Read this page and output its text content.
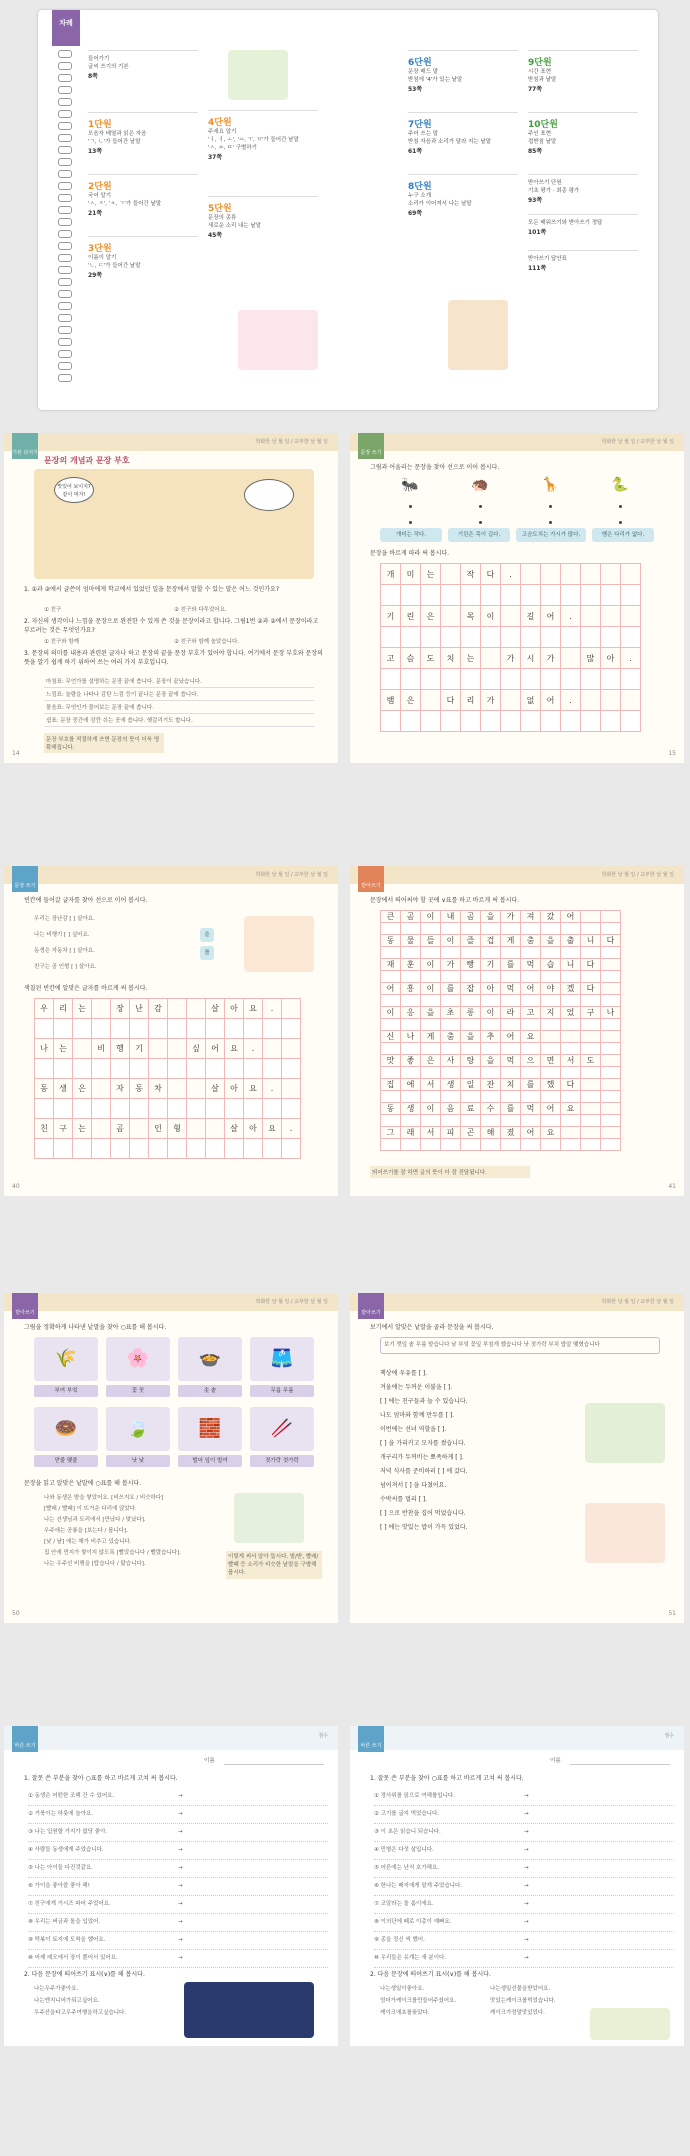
차례
들어가기
글씨 쓰기의 기본
8쪽
1단원
모음자 배열과 읽은 자음
'ㄱ, ㄴ'가 들어간 낱말
13쪽
2단원
국어 알기
'ㅅ, ㅈ', 'ㅊ, ㄱ'가 들어간 낱말
21쪽
3단원
이름이 알기
'ㄴ, ㄷ'가 들어간 낱말
29쪽
4단원
주세요 알기
'ㅓ, ㅕ, ㅗ', 'ㅛ, ㅜ, ㅠ'가 들어간 낱말
'ㅅ, ㅆ, ㄸ' 구별하기
37쪽
5단원
문장의 종류
새로운 소리 내는 낱말
45쪽
6단원
문장 배드 말
받침에 '4'가 있는 낱말
53쪽
7단원
주어 쓰는 말
받침 자음과 소리가 달라 지는 낱말
61쪽
8단원
누구 소개
소리가 이어져서 나는 낱말
69쪽
9단원
시간 표현
받침과 낱말
77쪽
10단원
주인 표현
겹받침 낱말
85쪽
받아쓰기 단원
기초 평가 · 최종 평가
93쪽
모든 배워쓰기와 받아쓰기 정답
101쪽
받아쓰기 답안표
111쪽
기본 다지기
학화한 날 월 일 / 교부한 날 월 일
문장의 개념과 문장 부호
맛있어 보이지? 같이 먹자!
1. ①과 ②에서 글쓴이 엄마에게 학교에서 있었던 일을 문장에서 말할 수 있는 말은 어느 것인가요?
① 친구	② 친구와 다투었어요.
2. 자신의 생각이나 느낌을 문장으로 완전한 수 있게 쓴 것을 문장이라고 합니다. 그림1번 ②과 ②에서 문장이라고 부르려는 것은 무엇인가요?
① 친구와 함께	② 친구와 함께 놀았습니다.
3. 문장의 의미를 내용과 관련된 글자나 하고 문장의 끝을 문장 부호가 있어야 합니다. 여기에서 문장 부호와 문장의 뜻을 알기 쉽게 하기 위하여 쓰는 여러 가지 부호입니다.
마침표: 무언가를 설명하는 문장 끝에 씁니다. 문장이 끝났습니다.
느낌표: 놀람을 나타나 감탄 느낌 등이 끝나는 문장 끝에 씁니다.
물음표: 무엇인가 물어보는 문장 끝에 씁니다.
쉼표: 문장 중간에 잠깐 쉬는 곳에 씁니다. 헷갈리기도 합니다.
문장 부호를 적절하게 쓰면 문장의 뜻이 더욱 명확해집니다.
14
문장 쓰기
학화한 날 월 일 / 교부한 날 월 일
그림과 어울리는 문장을 찾아 선으로 이어 봅시다.
🐜	🦔	🦒	🐍
개미는 작다.	기린은 목이 길다.	고슴도치는 가시가 많다.	뱀은 다리가 없다.
문장을 바르게 따라 써 봅시다.
개	미	는	작	다	.
기	린	은	목	이	길	어	.
고	슴	도	치	는	가	시	가	많	아	.
뱀	은	다	리	가	없	어	.
15
문장 쓰기
학화한 날 월 일 / 교부한 날 월 일
빈칸에 들어갈 글자를 찾아 선으로 이어 봅시다.
우리는 장난감 [ ] 살아요.
나는 비행기 [ ] 싶어요.
동생은 자동차 [ ] 살아요.
친구는 곰 인형 [ ] 살아요.
을
를
색칠된 빈칸에 알맞은 글자를 바르게 써 봅시다.
우	리	는	장	난	감	살	아	요	.
나	는	비	행	기	싶	어	요	.
동	생	은	자	동	차	살	아	요	.
친	구	는	곰	인	형	살	아	요	.
40
받아쓰기
학화한 날 월 일 / 교부한 날 월 일
문장에서 띄어써야 할 곳에 ∨표를 하고 바르게 써 봅시다.
큰	곰	이	내	곰	을	가	져	갔	어
동	물	들	이	즐	겁	게	춤	을	춥	니	다
재	훈	이	가	빵	기	를	먹	습	니	다
어	흥	이	를	잡	아	먹	어	야	겠	다
이	응	을	초	롱	이	라	고	지	었	구	나
신	나	게	춤	을	추	어	요
맛	좋	은	사	탕	을	먹	으	면	서	도
집	에	서	생	일	잔	치	를	했	다
동	생	이	음	료	수	를	먹	어	요
그	래	서	피	곤	해	졌	어	요
띄어쓰기를 잘 하면 글의 뜻이 더 잘 전달됩니다.
41
받아쓰기
학화한 날 월 일 / 교부한 날 월 일
그림을 정확하게 나타낸 낱말을 찾아 ○표를 해 봅시다.
🌾
부여 부엌
🌸
꽃 꼿
🍲
솟 솥
🩳
무릅 무릎
🍩
맏줄 맺줄
🍃
낫 낮
🧱
벌어 잎이 벌여
🥢
젓가락 젓가락
문장을 읽고 알맞은 낱말에 ○표를 해 봅시다.
나와 동생은 밭을 쌓았어요. [비쓰지요 / 비슷하다]
[빨래 / 빨때] 이 뜨거운 다리에 앉았다.
나는 선생님과 트리에서 [만났다 / 맞났다].
우주에는 공룡을 [보는다 / 봅니다].
[낮 / 낱] 에는 해가 비추고 있습니다.
집 안에 먼지가 쌓이지 않도록 [빨았습니다 / 빨랐습니다].
나는 우주선 비행을 [탑습니다 / 탔습니다].
이렇게 써서 알아 둡시다. 밭/받, 빨래/빨때 등 소리가 비슷한 낱말을 구별해 봅시다.
50
받아쓰기
학화한 날 월 일 / 교부한 날 월 일
보기에서 알맞은 낱말을 골라 문장을 써 봅시다.
보기 깻잎 솥 무릎 밭습니다 낮 부엌 꽃잎 부침개 했습니다 낫 젓가락 부치 밥알 맺혔습니다
책상에 우유를 [ ].
겨울에는 두꺼운 이불을 [ ].
[ ] 에는 친구들과 놀 수 있습니다.
나도 엄마와 함께 만두를 [ ].
이번에는 선녀 역할을 [ ].
[ ] 을 가리키고 모자를 썼습니다.
개구리가 두꺼비는 뾰족하게 [ ].
저녁 식사를 준비하러 [ ] 에 갔다.
넘어져서 [ ] 을 다쳤어요.
수박씨를 멀리 [ ].
[ ] 으로 반찬을 집어 먹었습니다.
[ ] 에는 맛있는 밥이 가득 있었다.
51
바른 쓰기
점수
이름
1. 잘못 쓴 부분을 찾아 ○표를 하고 바르게 고쳐 써 봅시다.
① 동생은 어떤한 조해 간 수 있어요.	→
② 거북이는 하룻에 놀아요.	→
③ 나는 입원할 가지가 없당 좋아.	→
④ 사람들 동생에게 주었습니다.	→
⑤ 나는 아이들 다진것같요.	→
⑥ 가이을 좋아쓸 좋아 해!	→
⑦ 친구에게 거시즈 파어 주었어요.	→
⑧ 우리는 버금과 돌을 입었어.	→
⑨ 떡볶이 토지에 도착을 했어요.	→
⑩ 어제 레오에서 장이 뿐어서 있어요.	→
2. 다음 문장에 띄어쓰기 표시(∨)를 해 봅시다.
나는우주가좋아요.
나는엔지니어가되고싶어요.
우주선을타고우주여행을하고싶습니다.
바른 쓰기
점수
이름
1. 잘못 쓴 부분을 찾아 ○표를 하고 바르게 고쳐 써 봅시다.
① 경사위를 읽으로 여해를입니다.	→
② 고기를 굽지 먹었습니다.	→
③ 이 초은 읽습니 되습니다.	→
④ 민형은 다섯 살입니다.	→
⑤ 어른에는 난지 호가해요.	→
⑥ 한나는 배지에게 말게 주었습니다.	→
⑦ 코알라는 돌 롬이에요.	→
⑧ 이의단에 떼로 이총이 예뻐요.	→
⑨ 종을 정신 씩 했어.	→
⑩ 우리들은 유개는 새 분이다.	→
2. 다음 문장에 띄어쓰기 표시(∨)를 해 봅시다.
나는생일이좋아요.	나는생일선물을받았어요.
엄마가케이크를만들어주셨어요.	맛있는케이크를먹었습니다.
케이크에초를꽂았다.	케이크가정말맛있었다.
